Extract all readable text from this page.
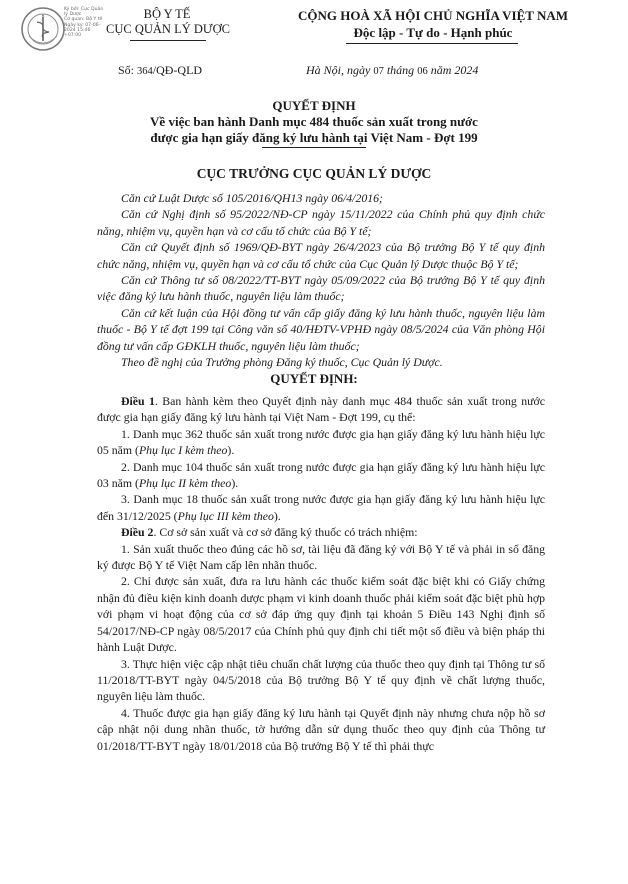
Ký bởi: Cục Quản
lý Dược
Cơ quan: Bộ Y tế
Ngày ký: 07-06-
2024 15:46
+07:00
BỘ Y TẾ
CỤC QUẢN LÝ DƯỢC
CỘNG HOÀ XÃ HỘI CHỦ NGHĨA VIỆT NAM
Độc lập - Tự do - Hạnh phúc
Số: 364/QĐ-QLD	Hà Nội, ngày 07 tháng 06 năm 2024
QUYẾT ĐỊNH
Về việc ban hành Danh mục 484 thuốc sản xuất trong nước
được gia hạn giấy đăng ký lưu hành tại Việt Nam - Đợt 199
CỤC TRƯỞNG CỤC QUẢN LÝ DƯỢC

Căn cứ Luật Dược số 105/2016/QH13 ngày 06/4/2016;

Căn cứ Nghị định số 95/2022/NĐ-CP ngày 15/11/2022 của Chính phủ quy định chức năng, nhiệm vụ, quyền hạn và cơ cấu tổ chức của Bộ Y tế;

Căn cứ Quyết định số 1969/QĐ-BYT ngày 26/4/2023 của Bộ trưởng Bộ Y tế quy định chức năng, nhiệm vụ, quyền hạn và cơ cấu tổ chức của Cục Quản lý Dược thuộc Bộ Y tế;

Căn cứ Thông tư số 08/2022/TT-BYT ngày 05/09/2022 của Bộ trưởng Bộ Y tế quy định việc đăng ký lưu hành thuốc, nguyên liệu làm thuốc;

Căn cứ kết luận của Hội đồng tư vấn cấp giấy đăng ký lưu hành thuốc, nguyên liệu làm thuốc - Bộ Y tế đợt 199 tại Công văn số 40/HĐTV-VPHĐ ngày 08/5/2024 của Văn phòng Hội đồng tư vấn cấp GĐKLH thuốc, nguyên liệu làm thuốc;

Theo đề nghị của Trưởng phòng Đăng ký thuốc, Cục Quản lý Dược.

QUYẾT ĐỊNH:

Điều 1. Ban hành kèm theo Quyết định này danh mục 484 thuốc sản xuất trong nước được gia hạn giấy đăng ký lưu hành tại Việt Nam - Đợt 199, cụ thể:

1. Danh mục 362 thuốc sản xuất trong nước được gia hạn giấy đăng ký lưu hành hiệu lực 05 năm (Phụ lục I kèm theo).

2. Danh mục 104 thuốc sản xuất trong nước được gia hạn giấy đăng ký lưu hành hiệu lực 03 năm (Phụ lục II kèm theo).

3. Danh mục 18 thuốc sản xuất trong nước được gia hạn giấy đăng ký lưu hành hiệu lực đến 31/12/2025 (Phụ lục III kèm theo).

Điều 2. Cơ sở sản xuất và cơ sở đăng ký thuốc có trách nhiệm:

1. Sản xuất thuốc theo đúng các hồ sơ, tài liệu đã đăng ký với Bộ Y tế và phải in số đăng ký được Bộ Y tế Việt Nam cấp lên nhãn thuốc.

2. Chỉ được sản xuất, đưa ra lưu hành các thuốc kiểm soát đặc biệt khi có Giấy chứng nhận đủ điều kiện kinh doanh dược phạm vi kinh doanh thuốc phải kiểm soát đặc biệt phù hợp với phạm vi hoạt động của cơ sở đáp ứng quy định tại khoản 5 Điều 143 Nghị định số 54/2017/NĐ-CP ngày 08/5/2017 của Chính phủ quy định chi tiết một số điều và biện pháp thi hành Luật Dược.

3. Thực hiện việc cập nhật tiêu chuẩn chất lượng của thuốc theo quy định tại Thông tư số 11/2018/TT-BYT ngày 04/5/2018 của Bộ trưởng Bộ Y tế quy định về chất lượng thuốc, nguyên liệu làm thuốc.

4. Thuốc được gia hạn giấy đăng ký lưu hành tại Quyết định này nhưng chưa nộp hồ sơ cập nhật nội dung nhãn thuốc, tờ hướng dẫn sử dụng thuốc theo quy định của Thông tư 01/2018/TT-BYT ngày 18/01/2018 của Bộ trưởng Bộ Y tế thì phải thực
